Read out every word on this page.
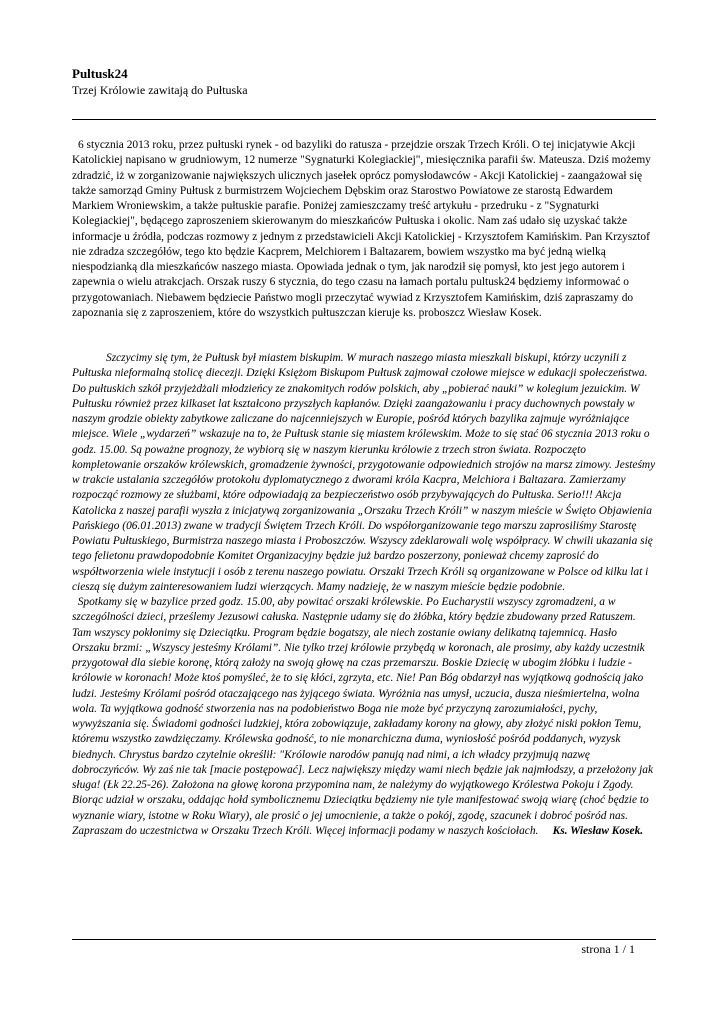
Pultusk24
Trzej Królowie zawitają do Pułtuska

6 stycznia 2013 roku, przez pułtuski rynek - od bazyliki do ratusza - przejdzie orszak Trzech Króli. O tej inicjatywie Akcji Katolickiej napisano w grudniowym, 12 numerze "Sygnaturki Kolegiackiej", miesięcznika parafii św. Mateusza. Dziś możemy zdradzić, iż w zorganizowanie największych ulicznych jasełek oprócz pomysłodawców - Akcji Katolickiej - zaangażował się także samorząd Gminy Pułtusk z burmistrzem Wojciechem Dębskim oraz Starostwo Powiatowe ze starostą Edwardem Markiem Wroniewskim, a także pułtuskie parafie. Poniżej zamieszczamy treść artykułu - przedruku - z "Sygnaturki Kolegiackiej", będącego zaproszeniem skierowanym do mieszkańców Pułtuska i okolic. Nam zaś udało się uzyskać także informacje u źródła, podczas rozmowy z jednym z przedstawicieli Akcji Katolickiej - Krzysztofem Kamińskim. Pan Krzysztof nie zdradza szczegółów, tego kto będzie Kacprem, Melchiorem i Baltazarem, bowiem wszystko ma być jedną wielką niespodzianką dla mieszkańców naszego miasta. Opowiada jednak o tym, jak narodził się pomysł, kto jest jego autorem i zapewnia o wielu atrakcjach. Orszak ruszy 6 stycznia, do tego czasu na łamach portalu pultusk24 będziemy informować o przygotowaniach. Niebawem będziecie Państwo mogli przeczytać wywiad z Krzysztofem Kamińskim, dziś zapraszamy do zapoznania się z zaproszeniem, które do wszystkich pułtuszczan kieruje ks. proboszcz Wiesław Kosek.

Szczycimy się tym, że Pułtusk był miastem biskupim. W murach naszego miasta mieszkali biskupi, którzy uczynili z Pułtuska nieformalną stolicę diecezji. Dzięki Księżom Biskupom Pułtusk zajmował czołowe miejsce w edukacji społeczeństwa. Do pułtuskich szkół przyjeżdżali młodzieńcy ze znakomitych rodów polskich, aby „pobierać nauki” w kolegium jezuickim. W Pułtusku również przez kilkaset lat kształcono przyszłych kapłanów. Dzięki zaangażowaniu i pracy duchownych powstały w naszym grodzie obiekty zabytkowe zaliczane do najcenniejszych w Europie, pośród których bazylika zajmuje wyróżniające miejsce. Wiele „wydarzeń” wskazuje na to, że Pułtusk stanie się miastem królewskim. Może to się stać 06 stycznia 2013 roku o godz. 15.00. Są poważne prognozy, że wybiorą się w naszym kierunku królowie z trzech stron świata. Rozpoczęto kompletowanie orszaków królewskich, gromadzenie żywności, przygotowanie odpowiednich strojów na marsz zimowy. Jesteśmy w trakcie ustalania szczegółów protokołu dyplomatycznego z dworami króla Kacpra, Melchiora i Baltazara. Zamierzamy rozpocząć rozmowy ze służbami, które odpowiadają za bezpieczeństwo osób przybywających do Pułtuska. Serio!!! Akcja Katolicka z naszej parafii wyszła z inicjatywą zorganizowania „Orszaku Trzech Króli” w naszym mieście w Święto Objawienia Pańskiego (06.01.2013) zwane w tradycji Świętem Trzech Króli. Do współorganizowanie tego marszu zaprosiliśmy Starostę Powiatu Pułtuskiego, Burmistrza naszego miasta i Proboszczów. Wszyscy zdeklarowali wolę współpracy. W chwili ukazania się tego felietonu prawdopodobnie Komitet Organizacyjny będzie już bardzo poszerzony, ponieważ chcemy zaprosić do współtworzenia wiele instytucji i osób z terenu naszego powiatu. Orszaki Trzech Króli są organizowane w Polsce od kilku lat i cieszą się dużym zainteresowaniem ludzi wierzących. Mamy nadzieję, że w naszym mieście będzie podobnie.
Spotkamy się w bazylice przed godz. 15.00, aby powitać orszaki królewskie. Po Eucharystii wszyscy zgromadzeni, a w szczególności dzieci, prześlemy Jezusowi całuska. Następnie udamy się do żłóbka, który będzie zbudowany przed Ratuszem. Tam wszyscy pokłonimy się Dzieciątku. Program będzie bogatszy, ale niech zostanie owiany delikatną tajemnicą. Hasło Orszaku brzmi: „Wszyscy jesteśmy Królami”. Nie tylko trzej królowie przybędą w koronach, ale prosimy, aby każdy uczestnik przygotował dla siebie koronę, którą założy na swoją głowę na czas przemarszu. Boskie Dziecię w ubogim żłóbku i ludzie - królowie w koronach! Może ktoś pomyśleć, że to się kłóci, zgrzyta, etc. Nie! Pan Bóg obdarzył nas wyjątkową godnością jako ludzi. Jesteśmy Królami pośród otaczającego nas żyjącego świata. Wyróżnia nas umysł, uczucia, dusza nieśmiertelna, wolna wola. Ta wyjątkowa godność stworzenia nas na podobieństwo Boga nie może być przyczyną zarozumiałości, pychy, wywyższania się. Świadomi godności ludzkiej, która zobowiązuje, zakładamy korony na głowy, aby złożyć niski pokłon Temu, któremu wszystko zawdzięczamy. Królewska godność, to nie monarchiczna duma, wyniosłość pośród poddanych, wyzysk biednych. Chrystus bardzo czytelnie określił: "Królowie narodów panują nad nimi, a ich władcy przyjmują nazwę dobroczyńców. Wy zaś nie tak [macie postępować]. Lecz największy między wami niech będzie jak najmłodszy, a przełożony jak sługa! (Łk 22.25-26). Założona na głowę korona przypomina nam, że należymy do wyjątkowego Królestwa Pokoju i Zgody. Biorąc udział w orszaku, oddając hołd symbolicznemu Dzieciątku będziemy nie tyle manifestować swoją wiarę (choć będzie to wyznanie wiary, istotne w Roku Wiary), ale prosić o jej umocnienie, a także o pokój, zgodę, szacunek i dobroć pośród nas. Zapraszam do uczestnictwa w Orszaku Trzech Króli. Więcej informacji podamy w naszych kościołach. Ks. Wiesław Kosek.
strona 1 / 1
